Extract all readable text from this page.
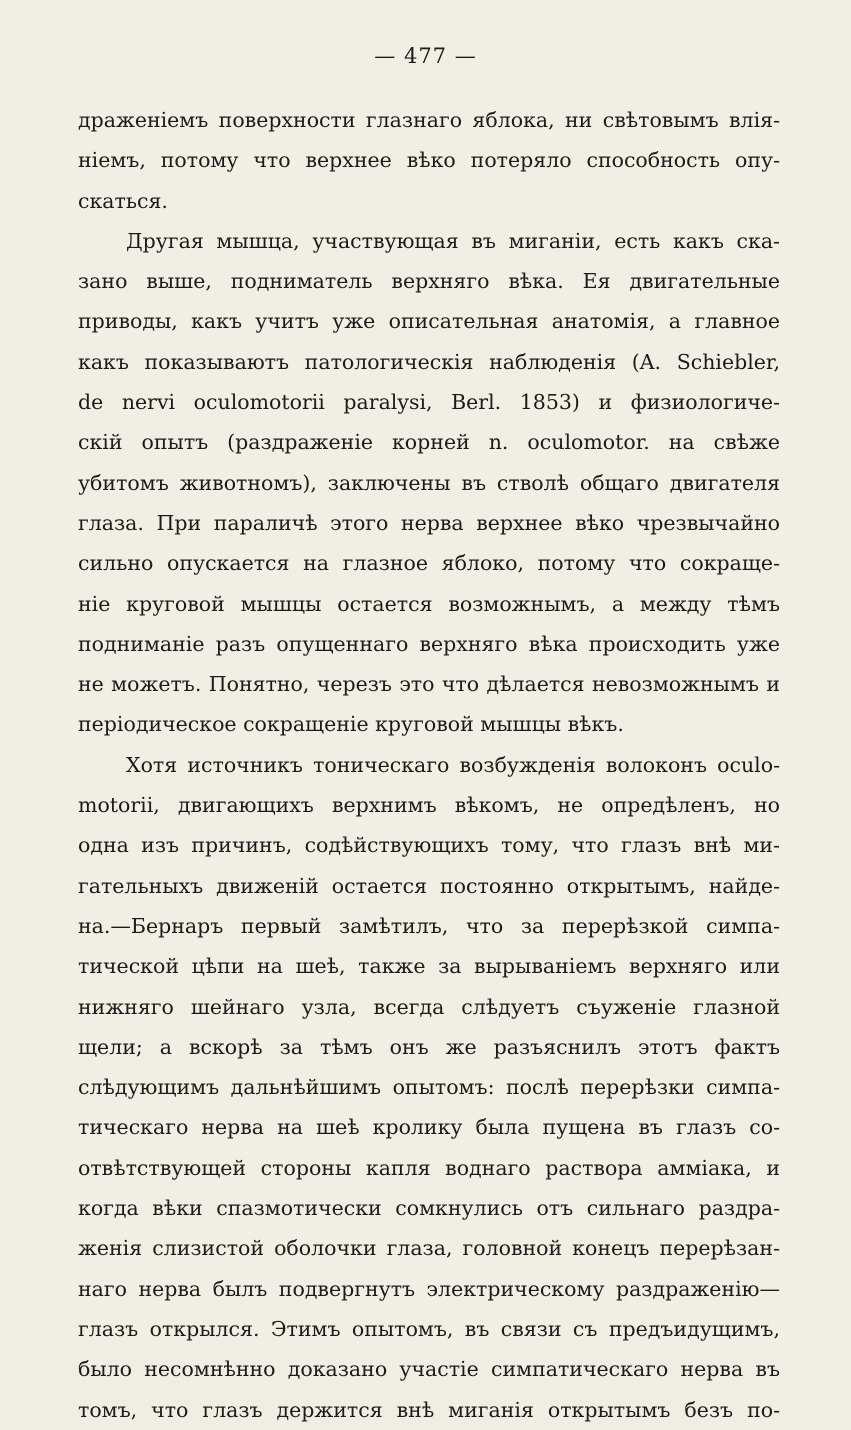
— 477 —
драженіемъ поверхности глазнаго яблока, ни свѣтовымъ влія-
ніемъ, потому что верхнее вѣко потеряло способность опу-
скаться.
Другая мышца, участвующая въ миганіи, есть какъ ска-
зано выше, подниматель верхняго вѣка. Ея двигательные
приводы, какъ учитъ уже описательная анатомія, а главное
какъ показываютъ патологическія наблюденія (A. Schiebler,
de nervi oculomotorii paralysi, Berl. 1853) и физиологиче-
скій опытъ (раздраженіе корней n. oculomotor. на свѣже
убитомъ животномъ), заключены въ стволѣ общаго двигателя
глаза. При параличѣ этого нерва верхнее вѣко чрезвычайно
сильно опускается на глазное яблоко, потому что сокраще-
ніе круговой мышцы остается возможнымъ, а между тѣмъ
подниманіе разъ опущеннаго верхняго вѣка происходить уже
не можетъ. Понятно, черезъ это что дѣлается невозможнымъ и
періодическое сокращеніе круговой мышцы вѣкъ.
Хотя источникъ тоническаго возбужденія волоконъ oculo-
motorii, двигающихъ верхнимъ вѣкомъ, не опредѣленъ, но
одна изъ причинъ, содѣйствующихъ тому, что глазъ внѣ ми-
гательныхъ движеній остается постоянно открытымъ, найде-
на.—Бернаръ первый замѣтилъ, что за перерѣзкой симпа-
тической цѣпи на шеѣ, также за вырываніемъ верхняго или
нижняго шейнаго узла, всегда слѣдуетъ съуженіе глазной
щели; а вскорѣ за тѣмъ онъ же разъяснилъ этотъ фактъ
слѣдующимъ дальнѣйшимъ опытомъ: послѣ перерѣзки симпа-
тическаго нерва на шеѣ кролику была пущена въ глазъ со-
отвѣтствующей стороны капля воднаго раствора амміака, и
когда вѣки спазмотически сомкнулись отъ сильнаго раздра-
женія слизистой оболочки глаза, головной конецъ перерѣзан-
наго нерва былъ подвергнутъ электрическому раздраженію—
глазъ открылся. Этимъ опытомъ, въ связи съ предъидущимъ,
было несомнѣнно доказано участіе симпатическаго нерва въ
томъ, что глазъ держится внѣ миганія открытымъ безъ по-
